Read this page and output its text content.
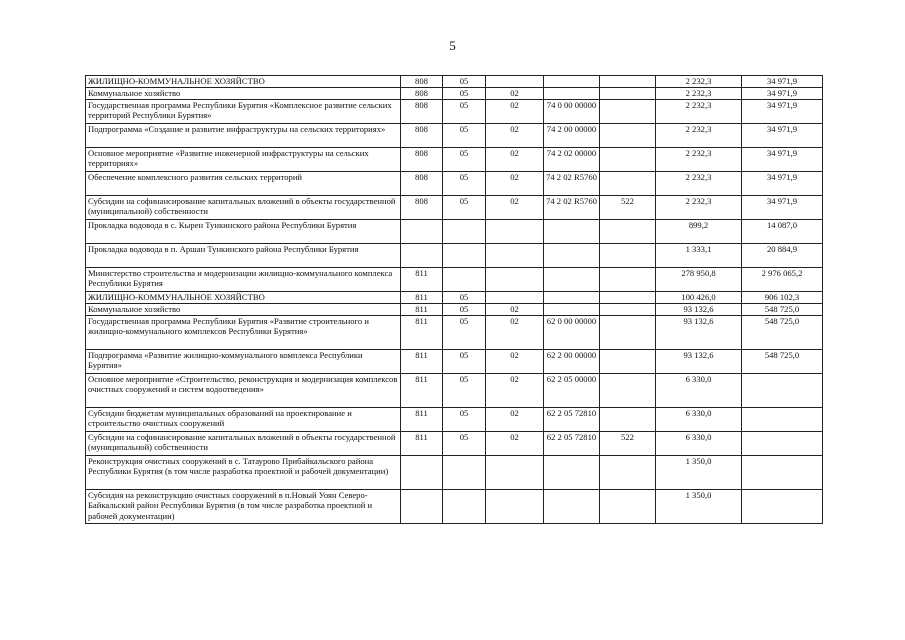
5
ЖИЛИЩНО-КОММУНАЛЬНОЕ ХОЗЯЙСТВО	808	05				2 232,3	34 971,9
Коммунальное хозяйство	808	05	02			2 232,3	34 971,9
Государственная программа Республики Бурятия «Комплексное развитие сельских территорий Республики Бурятия»	808	05	02	74 0 00 00000		2 232,3	34 971,9
Подпрограмма «Создание и развитие инфраструктуры на сельских территориях»	808	05	02	74 2 00 00000		2 232,3	34 971,9
Основное мероприятие «Развитие инженерной инфраструктуры на сельских территориях»	808	05	02	74 2 02 00000		2 232,3	34 971,9
Обеспечение комплексного развития сельских территорий	808	05	02	74 2 02 R5760		2 232,3	34 971,9
Субсидии на софинансирование капитальных вложений в объекты государственной (муниципальной) собственности	808	05	02	74 2 02 R5760	522	2 232,3	34 971,9
Прокладка водовода в с. Кырен Тункинского района Республики Бурятия						899,2	14 087,0
Прокладка водовода в п. Аршан Тункинского района Республики Бурятия						1 333,1	20 884,9
Министерство строительства и модернизации жилищно-коммунального комплекса Республики Бурятия	811					278 950,8	2 976 065,2
ЖИЛИЩНО-КОММУНАЛЬНОЕ ХОЗЯЙСТВО	811	05				100 426,0	906 102,3
Коммунальное хозяйство	811	05	02			93 132,6	548 725,0
Государственная программа Республики Бурятия «Развитие строительного и жилищно-коммунального комплексов Республики Бурятия»	811	05	02	62 0 00 00000		93 132,6	548 725,0
Подпрограмма «Развитие жилищно-коммунального комплекса Республики Бурятия»	811	05	02	62 2 00 00000		93 132,6	548 725,0
Основное мероприятие «Строительство, реконструкция и модернизация комплексов очистных сооружений и систем водоотведения»	811	05	02	62 2 05 00000		6 330,0	
Субсидии бюджетам муниципальных образований на проектирование и строительство очистных сооружений	811	05	02	62 2 05 72810		6 330,0	
Субсидии на софинансирование капитальных вложений в объекты государственной (муниципальной) собственности	811	05	02	62 2 05 72810	522	6 330,0	
Реконструкция очистных сооружений в с. Татаурово Прибайкальского района Республики Бурятия (в том числе разработка проектной и рабочей документации)						1 350,0	
Субсидия на реконструкцию очистных сооружений в п.Новый Уоян Северо-Байкальский район Республики Бурятия (в том числе разработка проектной и рабочей документации)						1 350,0	
